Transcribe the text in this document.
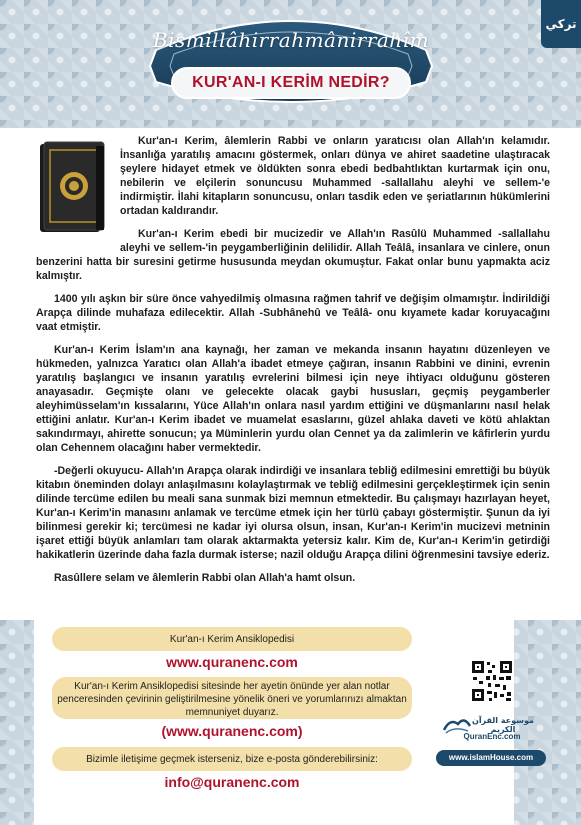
Bismillâhirrahmânirrahîm
KUR'AN-I KERİM NEDİR?
تركي

Kur'an-ı Kerim, âlemlerin Rabbi ve onların yaratıcısı olan Allah'ın kelamıdır. İnsanlığa yaratılış amacını göstermek, onları dünya ve ahiret saadetine ulaştıracak şeylere hidayet etmek ve öldükten sonra ebedi bedbahtlıktan kurtarmak için onu, nebilerin ve elçilerin sonuncusu Muhammed -sallallahu aleyhi ve sellem-'e indirmiştir. İlahi kitapların sonuncusu, onları tasdik eden ve şeriatlarının hükümlerini ortadan kaldırandır.

Kur'an-ı Kerim ebedi bir mucizedir ve Allah'ın Rasûlü Muhammed -sallallahu aleyhi ve sellem-'in peygamberliğinin delilidir. Allah Teâlâ, insanlara ve cinlere, onun benzerini hatta bir suresini getirme hususunda meydan okumuştur. Fakat onlar bunu yapmakta aciz kalmıştır.

1400 yılı aşkın bir süre önce vahyedilmiş olmasına rağmen tahrif ve değişim olmamıştır. İndirildiği Arapça dilinde muhafaza edilecektir. Allah -Subhânehû ve Teâlâ- onu kıyamete kadar koruyacağını vaat etmiştir.

Kur'an-ı Kerim İslam'ın ana kaynağı, her zaman ve mekanda insanın hayatını düzenleyen ve hükmeden, yalnızca Yaratıcı olan Allah'a ibadet etmeye çağıran, insanın Rabbini ve dinini, evrenin yaratılış başlangıcı ve insanın yaratılış evrelerini bilmesi için neye ihtiyacı olduğunu gösteren anayasadır. Geçmişte olanı ve gelecekte olacak gaybi hususları, geçmiş peygamberler aleyhimüsselam'ın kıssalarını, Yüce Allah'ın onlara nasıl yardım ettiğini ve düşmanlarını nasıl helak ettiğini anlatır. Kur'an-ı Kerim ibadet ve muamelat esaslarını, güzel ahlaka daveti ve kötü ahlaktan sakındırmayı, ahirette sonucun; ya Müminlerin yurdu olan Cennet ya da zalimlerin ve kâfirlerin yurdu olan Cehennem olacağını haber vermektedir.

-Değerli okuyucu- Allah'ın Arapça olarak indirdiği ve insanlara tebliğ edilmesini emrettiği bu büyük kitabın öneminden dolayı anlaşılmasını kolaylaştırmak ve tebliğ edilmesini gerçekleştirmek için senin dilinde tercüme edilen bu meali sana sunmak bizi memnun etmektedir. Bu çalışmayı hazırlayan heyet, Kur'an-ı Kerim'in manasını anlamak ve tercüme etmek için her türlü çabayı göstermiştir. Şunun da iyi bilinmesi gerekir ki; tercümesi ne kadar iyi olursa olsun, insan, Kur'an-ı Kerim'in mucizevi metninin işaret ettiği büyük anlamları tam olarak aktarmakta yetersiz kalır. Kim de, Kur'an-ı Kerim'in getirdiği hakikatlerin üzerinde daha fazla durmak isterse; nazil olduğu Arapça dilini öğrenmesini tavsiye ederiz.

Rasûllere selam ve âlemlerin Rabbi olan Allah'a hamt olsun.

Kur'an-ı Kerim Ansiklopedisi
www.quranenc.com
Kur'an-ı Kerim Ansiklopedisi sitesinde her ayetin önünde yer alan notlar penceresinden çevirinin geliştirilmesine yönelik öneri ve yorumlarınızı almaktan memnuniyet duyarız.
(www.quranenc.com)
Bizimle iletişime geçmek isterseniz, bize e-posta gönderebilirsiniz:
info@quranenc.com
موسوعة القرآن الكريم
QuranEnc.com
www.islamHouse.com
